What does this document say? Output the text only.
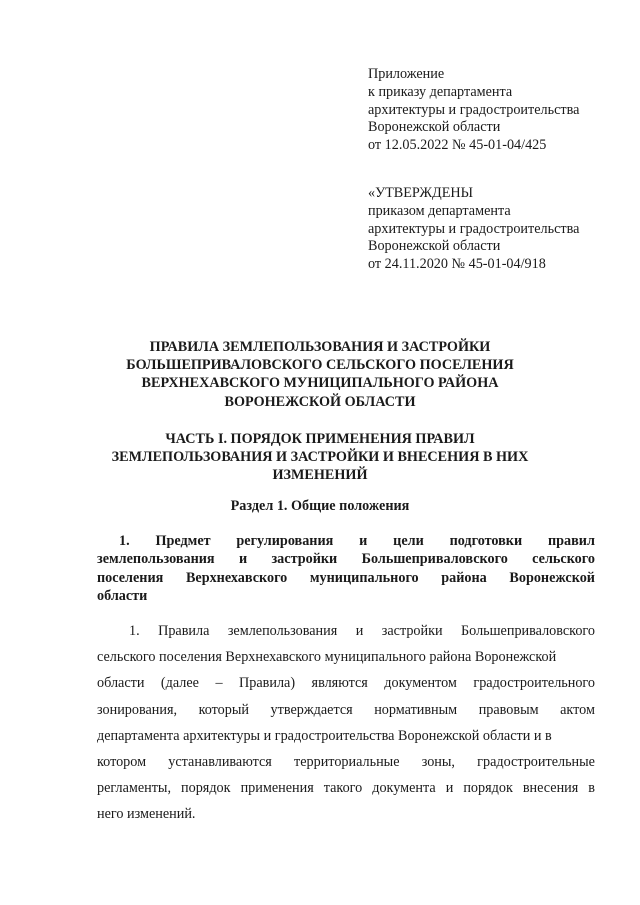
Приложение
к приказу департамента
архитектуры и градостроительства
Воронежской области
от 12.05.2022 № 45-01-04/425
«УТВЕРЖДЕНЫ
приказом департамента
архитектуры и градостроительства
Воронежской области
от 24.11.2020 № 45-01-04/918
ПРАВИЛА ЗЕМЛЕПОЛЬЗОВАНИЯ И ЗАСТРОЙКИ
БОЛЬШЕПРИВАЛОВСКОГО СЕЛЬСКОГО ПОСЕЛЕНИЯ
ВЕРХНЕХАВСКОГО МУНИЦИПАЛЬНОГО РАЙОНА
ВОРОНЕЖСКОЙ ОБЛАСТИ
ЧАСТЬ I. ПОРЯДОК ПРИМЕНЕНИЯ ПРАВИЛ
ЗЕМЛЕПОЛЬЗОВАНИЯ И ЗАСТРОЙКИ И ВНЕСЕНИЯ В НИХ
ИЗМЕНЕНИЙ
Раздел 1. Общие положения
1. Предмет регулирования и цели подготовки правил
землепользования и застройки Большеприваловского сельского
поселения Верхнехавского муниципального района Воронежской
области
1. Правила землепользования и застройки Большеприваловского
сельского поселения Верхнехавского муниципального района Воронежской
области (далее – Правила) являются документом градостроительного
зонирования, который утверждается нормативным правовым актом
департамента архитектуры и градостроительства Воронежской области и в
котором устанавливаются территориальные зоны, градостроительные
регламенты, порядок применения такого документа и порядок внесения в
него изменений.
